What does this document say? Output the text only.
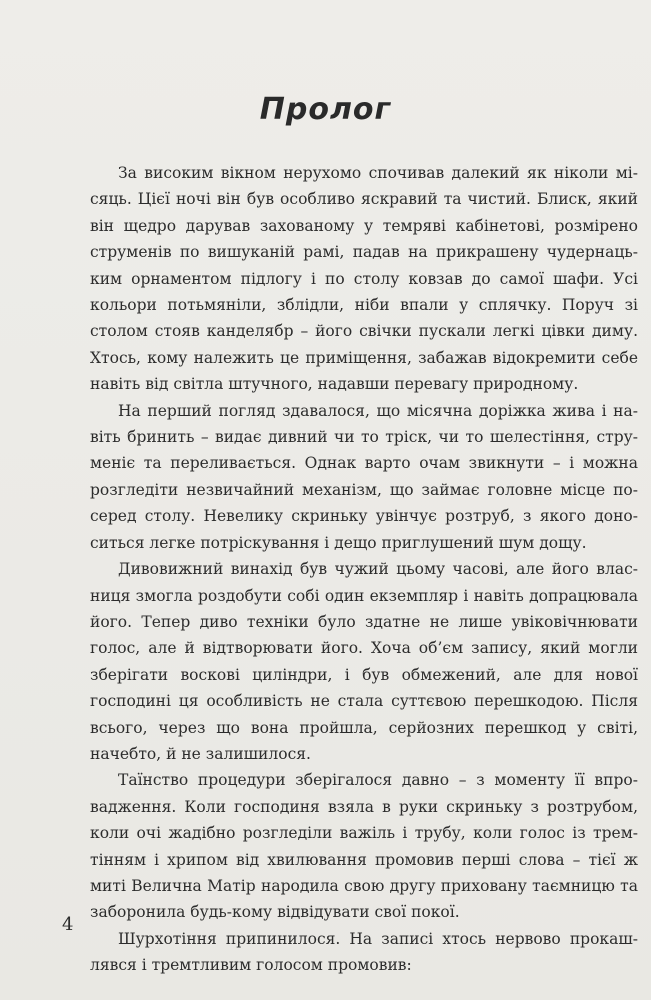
Пролог

За високим вікном нерухомо спочивав далекий як ніколи місяць. Цієї ночі він був особливо яскравий та чистий. Блиск, який він щедро дарував захованому у темряві кабінетові, розмірено струменів по вишуканій рамі, падав на прикрашену чудернацьким орнаментом підлогу і по столу ковзав до самої шафи. Усі кольори потьмяніли, зблідли, ніби впали у сплячку. Поруч зі столом стояв канделябр – його свічки пускали легкі цівки диму. Хтось, кому належить це приміщення, забажав відокремити себе навіть від світла штучного, надавши перевагу природному.

На перший погляд здавалося, що місячна доріжка жива і навіть бринить – видає дивний чи то тріск, чи то шелестіння, струменіє та переливається. Однак варто очам звикнути – і можна розгледіти незвичайний механізм, що займає головне місце посеред столу. Невелику скриньку увінчує розтруб, з якого доноситься легке потріскування і дещо приглушений шум дощу.

Дивовижний винахід був чужий цьому часові, але його власниця змогла роздобути собі один екземпляр і навіть допрацювала його. Тепер диво техніки було здатне не лише увіковічнювати голос, але й відтворювати його. Хоча об’єм запису, який могли зберігати воскові циліндри, і був обмежений, але для нової господині ця особливість не стала суттєвою перешкодою. Після всього, через що вона пройшла, серйозних перешкод у світі, начебто, й не залишилося.

Таїнство процедури зберігалося давно – з моменту її впровадження. Коли господиня взяла в руки скриньку з розтрубом, коли очі жадібно розгледіли важіль і трубу, коли голос із тремтінням і хрипом від хвилювання промовив перші слова – тієї ж миті Велична Матір народила свою другу приховану таємницю та заборонила будь-кому відвідувати свої покої.

Шурхотіння припинилося. На записі хтось нервово прокашлявся і тремтливим голосом промовив:

4
